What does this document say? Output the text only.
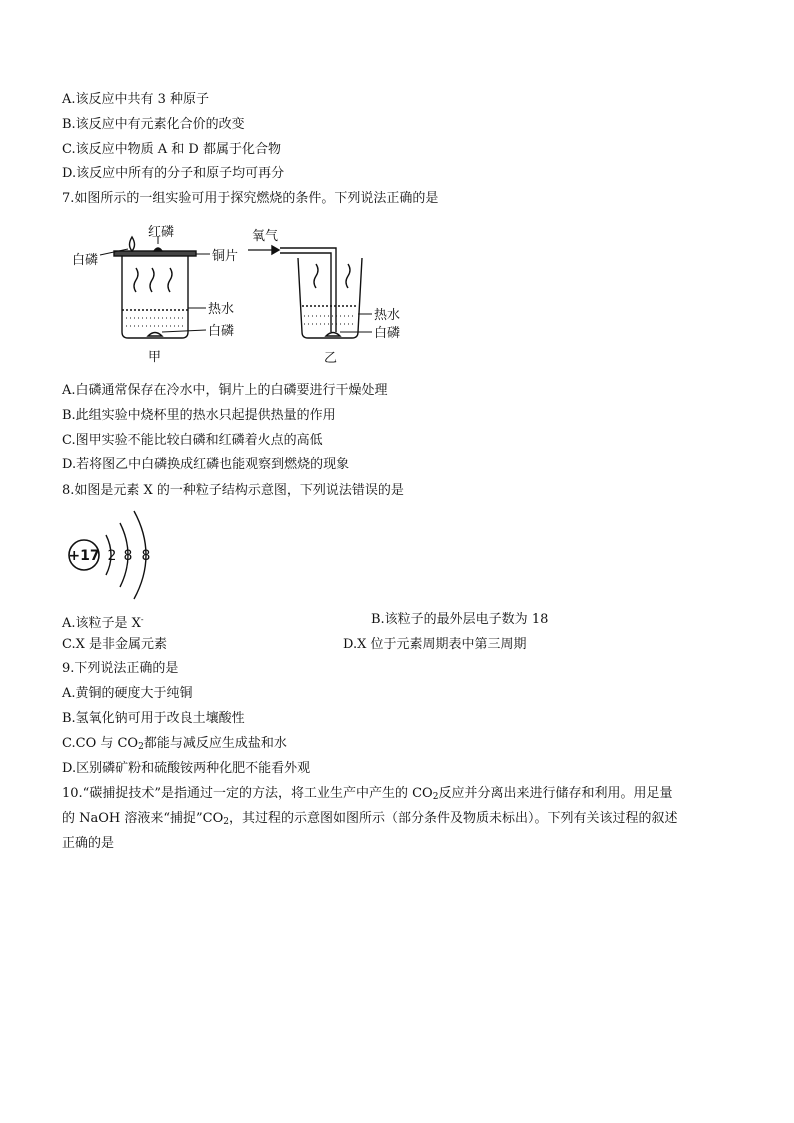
A.该反应中共有 3 种原子
B.该反应中有元素化合价的改变
C.该反应中物质 A 和 D 都属于化合物
D.该反应中所有的分子和原子均可再分
7.如图所示的一组实验可用于探究燃烧的条件。下列说法正确的是
红磷
白磷	铜片
热水
白磷
甲
氧气
热水
白磷
乙
A.白磷通常保存在冷水中，铜片上的白磷要进行干燥处理
B.此组实验中烧杯里的热水只起提供热量的作用
C.图甲实验不能比较白磷和红磷着火点的高低
D.若将图乙中白磷换成红磷也能观察到燃烧的现象
8.如图是元素 X 的一种粒子结构示意图，下列说法错误的是
+17 2 8 8
A.该粒子是 X-	B.该粒子的最外层电子数为 18
C.X 是非金属元素	D.X 位于元素周期表中第三周期
9.下列说法正确的是
A.黄铜的硬度大于纯铜
B.氢氧化钠可用于改良土壤酸性
C.CO 与 $CO_2$都能与减反应生成盐和水
D.区别磷矿粉和硫酸铵两种化肥不能看外观
10.“碳捕捉技术”是指通过一定的方法，将工业生产中产生的 $CO_2$反应并分离出来进行储存和利用。用足量
的 NaOH 溶液来“捕捉$”CO_2$，其过程的示意图如图所示（部分条件及物质未标出）。下列有关该过程的叙述
正确的是
